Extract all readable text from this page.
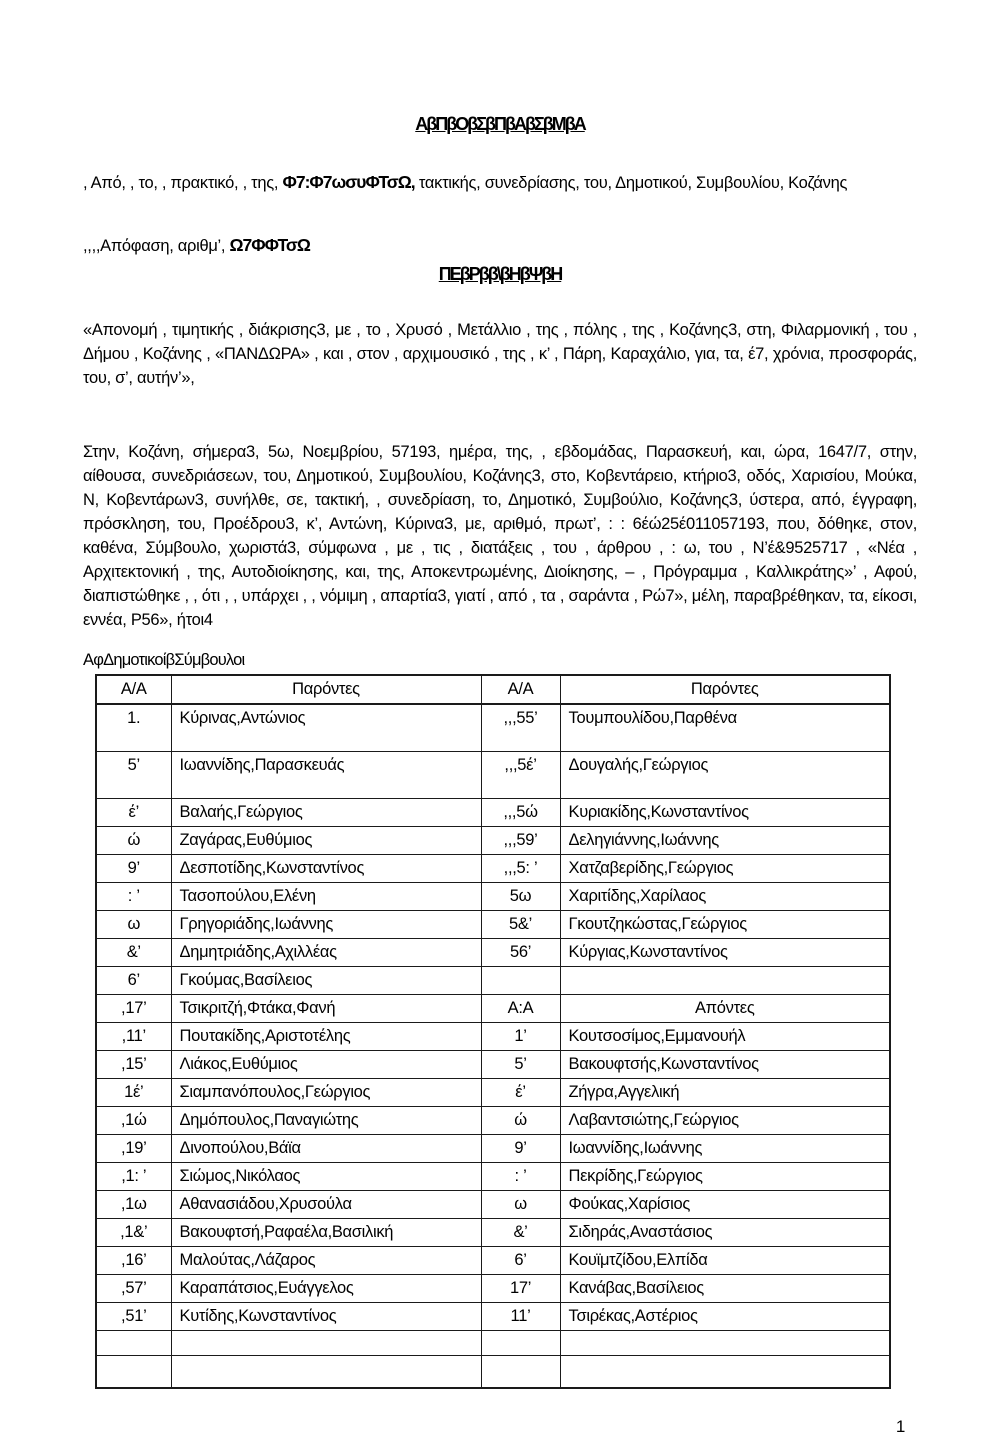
ΑβΠβΟβΣβΠβΑβΣβΜβΑ

, Από, , το, , πρακτικό, , της, Φ7:Φ7ωσυΦΤσΩ, τακτικής, συνεδρίασης, του, Δημοτικού, Συμβουλίου, Κοζάνης

,,,,Απόφαση, αριθμ’, Ω7ΦΦΤσΩ

ΠΕβΡββ\βΗβΨβΗ

«Απονομή , τιμητικής , διάκρισης3, με , το , Χρυσό , Μετάλλιο , της , πόλης , της , Κοζάνης3, στη, Φιλαρμονική , του , Δήμου , Κοζάνης , «ΠΑΝΔΩΡΑ» , και , στον , αρχιμουσικό , της , κ’ , Πάρη, Καραχάλιο, για, τα, έ7, χρόνια, προσφοράς, του, σ’, αυτήν’»,

Στην, Κοζάνη, σήμερα3, 5ω, Νοεμβρίου, 57193, ημέρα, της, , εβδομάδας, Παρασκευή, και, ώρα, 1647/7, στην, αίθουσα, συνεδριάσεων, του, Δημοτικού, Συμβουλίου, Κοζάνης3, στο, Κοβεντάρειο, κτήριο3, οδός, Χαρισίου, Μούκα, Ν, Κοβεντάρων3, συνήλθε, σε, τακτική, , συνεδρίαση, το, Δημοτικό, Συμβούλιο, Κοζάνης3, ύστερα, από, έγγραφη, πρόσκληση, του, Προέδρου3, κ’, Αντώνη, Κύρινα3, με, αριθμό, πρωτ’, : : 6έώ25έ011057193, που, δόθηκε, στον, καθένα, Σύμβουλο, χωριστά3, σύμφωνα , με , τις , διατάξεις , του , άρθρου , : ω, του , Ν’έ&9525717 , «Νέα , Αρχιτεκτονική , της, Αυτοδιοίκησης, και, της, Αποκεντρωμένης, Διοίκησης, – , Πρόγραμμα , Καλλικράτης»’ , Αφού, διαπιστώθηκε , , ότι , , υπάρχει , , νόμιμη , απαρτία3, γιατί , από , τα , σαράντα , Ρώ7», μέλη, παραβρέθηκαν, τα, είκοσι, εννέα, Ρ56», ήτοι4

ΑφΔημοτικοίβΣύμβουλοι
Α/Α	Παρόντες	Α/Α	Παρόντες
1.	Κύρινας,Αντώνιος	,,,55’	Τουμπουλίδου,Παρθένα
5’	Ιωαννίδης,Παρασκευάς	,,,5έ’	Δουγαλής,Γεώργιος
έ’	Βαλαής,Γεώργιος	,,,5ώ	Κυριακίδης,Κωνσταντίνος
ώ	Ζαγάρας,Ευθύμιος	,,,59’	Δεληγιάννης,Ιωάννης
9’	Δεσποτίδης,Κωνσταντίνος	,,,5: ’	Χατζαβερίδης,Γεώργιος
: ’	Τασοπούλου,Ελένη	5ω	Χαριτίδης,Χαρίλαος
ω	Γρηγοριάδης,Ιωάννης	5&’	Γκουτζηκώστας,Γεώργιος
&’	Δημητριάδης,Αχιλλέας	56’	Κύργιας,Κωνσταντίνος
6’	Γκούμας,Βασίλειος		
,17’	Τσικριτζή,Φτάκα,Φανή	Α:Α	Απόντες
,11’	Πουτακίδης,Αριστοτέλης	1’	Κουτσοσίμος,Εμμανουήλ
,15’	Λιάκος,Ευθύμιος	5’	Βακουφτσής,Κωνσταντίνος
1έ’	Σιαμπανόπουλος,Γεώργιος	έ’	Ζήγρα,Αγγελική
,1ώ	Δημόπουλος,Παναγιώτης	ώ	Λαβαντσιώτης,Γεώργιος
,19’	Δινοπούλου,Βάϊα	9’	Ιωαννίδης,Ιωάννης
,1: ’	Σιώμος,Νικόλαος	: ’	Πεκρίδης,Γεώργιος
,1ω	Αθανασιάδου,Χρυσούλα	ω	Φούκας,Χαρίσιος
,1&’	Βακουφτσή,Ραφαέλα,Βασιλική	&’	Σιδηράς,Αναστάσιος
,16’	Μαλούτας,Λάζαρος	6’	Κουϊμτζίδου,Ελπίδα
,57’	Καραπάτσιος,Ευάγγελος	17’	Κανάβας,Βασίλειος
,51’	Κυτίδης,Κωνσταντίνος	11’	Τσιρέκας,Αστέριος

1
